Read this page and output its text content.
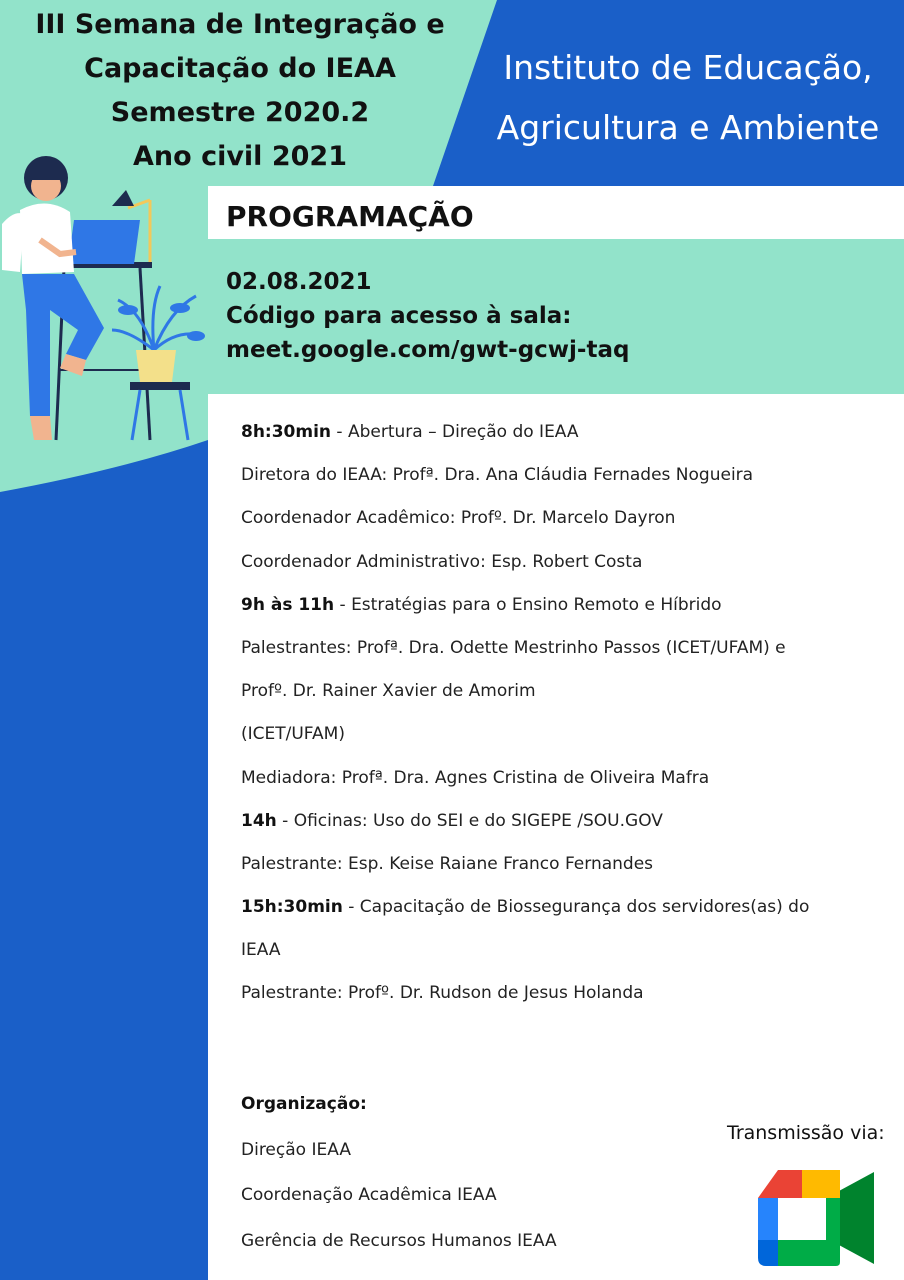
III Semana de Integração e
Capacitação do IEAA
Semestre 2020.2
Ano civil 2021
Instituto de Educação,
Agricultura e Ambiente
PROGRAMAÇÃO
02.08.2021
Código para acesso à sala:
meet.google.com/gwt-gcwj-taq
8h:30min - Abertura – Direção do IEAA
Diretora do IEAA: Profª. Dra. Ana Cláudia Fernades Nogueira
Coordenador Acadêmico: Profº. Dr. Marcelo Dayron
Coordenador Administrativo: Esp. Robert Costa
9h às 11h - Estratégias para o Ensino Remoto e Híbrido
Palestrantes: Profª. Dra. Odette Mestrinho Passos (ICET/UFAM) e
Profº. Dr. Rainer Xavier de Amorim
(ICET/UFAM)
Mediadora: Profª. Dra. Agnes Cristina de Oliveira Mafra
14h - Oficinas: Uso do SEI e do SIGEPE /SOU.GOV
Palestrante: Esp. Keise Raiane Franco Fernandes
15h:30min - Capacitação de Biossegurança dos servidores(as) do
IEAA
Palestrante: Profº. Dr. Rudson de Jesus Holanda
Organização:
Direção IEAA
Coordenação Acadêmica IEAA
Gerência de Recursos Humanos IEAA
Transmissão via:
